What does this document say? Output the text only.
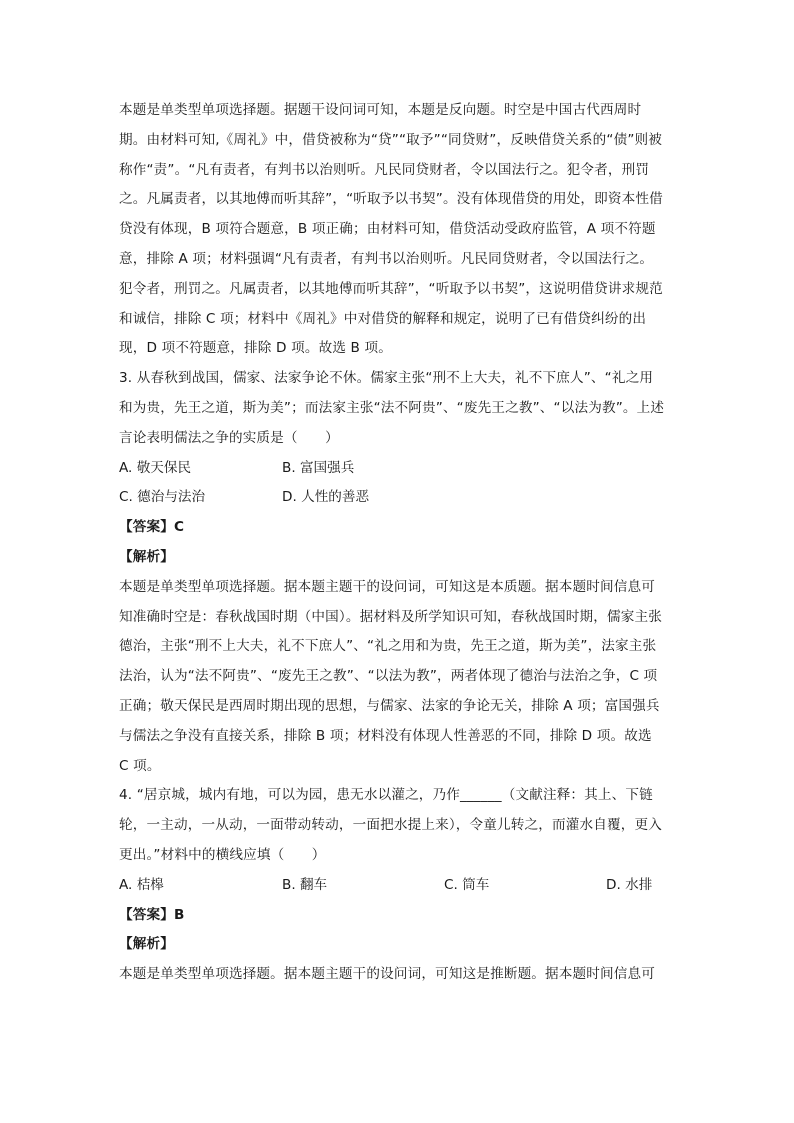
本题是单类型单项选择题。据题干设问词可知，本题是反向题。时空是中国古代西周时
期。由材料可知,《周礼》中，借贷被称为“贷”“取予”“同贷财”，反映借贷关系的“债”则被
称作“责”。“凡有责者，有判书以治则听。凡民同贷财者，令以国法行之。犯令者，刑罚
之。凡属责者，以其地傅而听其辞”，“听取予以书契”。没有体现借贷的用处，即资本性借
贷没有体现，B 项符合题意，B 项正确；由材料可知，借贷活动受政府监管，A 项不符题
意，排除 A 项；材料强调“凡有责者，有判书以治则听。凡民同贷财者，令以国法行之。
犯令者，刑罚之。凡属责者，以其地傅而听其辞”，“听取予以书契”，这说明借贷讲求规范
和诚信，排除 C 项；材料中《周礼》中对借贷的解释和规定，说明了已有借贷纠纷的出
现，D 项不符题意，排除 D 项。故选 B 项。
3. 从春秋到战国，儒家、法家争论不休。儒家主张“刑不上大夫，礼不下庶人”、“礼之用
和为贵，先王之道，斯为美”；而法家主张“法不阿贵”、“废先王之教”、“以法为教”。上述
言论表明儒法之争的实质是（　　）
A. 敬天保民	B. 富国强兵
C. 德治与法治	D. 人性的善恶
【答案】C
【解析】
本题是单类型单项选择题。据本题主题干的设问词，可知这是本质题。据本题时间信息可
知准确时空是：春秋战国时期（中国）。据材料及所学知识可知，春秋战国时期，儒家主张
德治，主张“刑不上大夫，礼不下庶人”、“礼之用和为贵，先王之道，斯为美”，法家主张
法治，认为“法不阿贵”、“废先王之教”、“以法为教”，两者体现了德治与法治之争，C 项
正确；敬天保民是西周时期出现的思想，与儒家、法家的争论无关，排除 A 项；富国强兵
与儒法之争没有直接关系，排除 B 项；材料没有体现人性善恶的不同，排除 D 项。故选
C 项。
4. “居京城，城内有地，可以为园，患无水以灌之，乃作______（文献注释：其上、下链
轮，一主动，一从动，一面带动转动，一面把水提上来），令童儿转之，而灌水自覆，更入
更出。”材料中的横线应填（　　）
A. 桔槔	B. 翻车	C. 筒车	D. 水排
【答案】B
【解析】
本题是单类型单项选择题。据本题主题干的设问词，可知这是推断题。据本题时间信息可
